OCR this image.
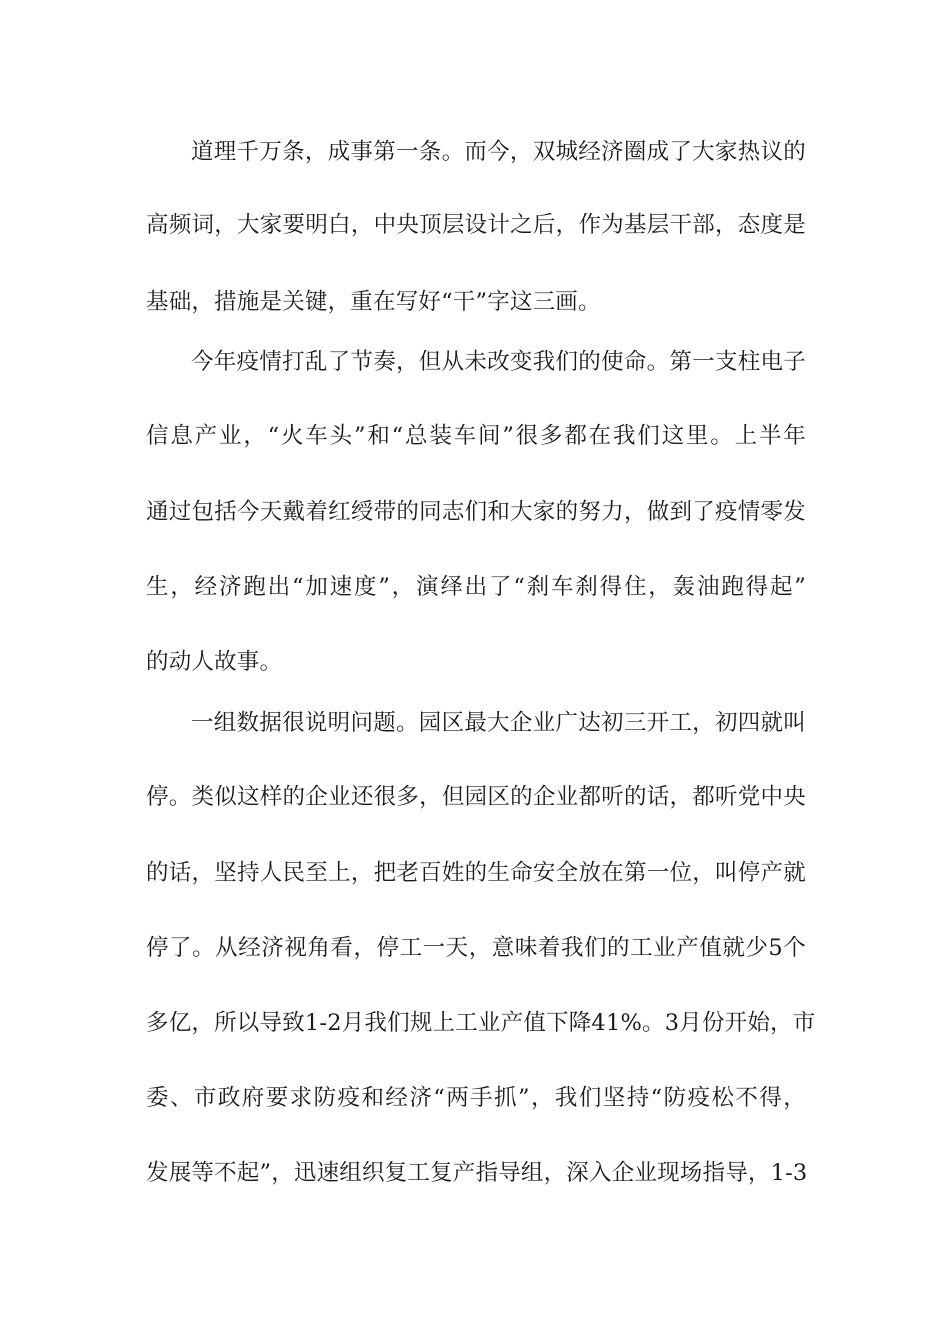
道理千万条，成事第一条。而今，双城经济圈成了大家热议的
高频词，大家要明白，中央顶层设计之后，作为基层干部，态度是
基础，措施是关键，重在写好“干”字这三画。
今年疫情打乱了节奏，但从未改变我们的使命。第一支柱电子
信息产业，“火车头”和“总装车间”很多都在我们这里。上半年
通过包括今天戴着红绶带的同志们和大家的努力，做到了疫情零发
生，经济跑出“加速度”，演绎出了“刹车刹得住，轰油跑得起”
的动人故事。
一组数据很说明问题。园区最大企业广达初三开工，初四就叫
停。类似这样的企业还很多，但园区的企业都听的话，都听党中央
的话，坚持人民至上，把老百姓的生命安全放在第一位，叫停产就
停了。从经济视角看，停工一天，意味着我们的工业产值就少5个
多亿，所以导致1-2月我们规上工业产值下降41%。3月份开始，市
委、市政府要求防疫和经济“两手抓”，我们坚持“防疫松不得，
发展等不起”，迅速组织复工复产指导组，深入企业现场指导，1-3
